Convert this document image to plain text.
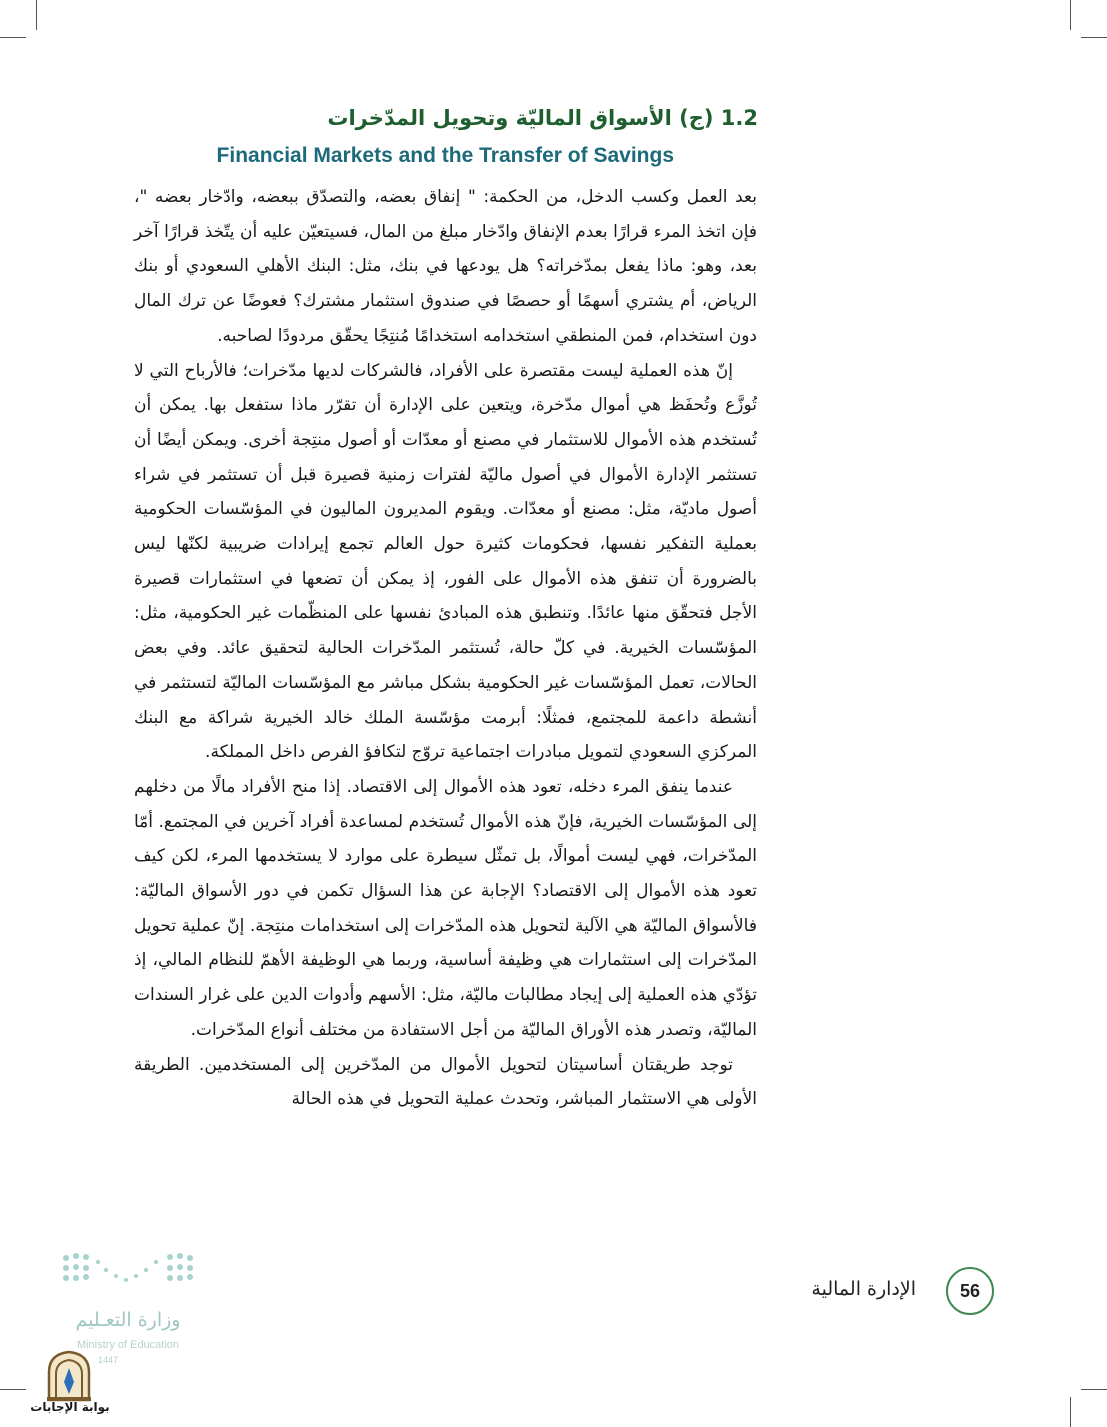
1.2 (ج) الأسواق الماليّة وتحويل المدّخرات
Financial Markets and the Transfer of Savings

بعد العمل وكسب الدخل، من الحكمة: " إنفاق بعضه، والتصدّق ببعضه، وادّخار بعضه "، فإن اتخذ المرء قرارًا بعدم الإنفاق وادّخار مبلغ من المال، فسيتعيّن عليه أن يتّخذ قرارًا آخر بعد، وهو: ماذا يفعل بمدّخراته؟ هل يودعها في بنك، مثل: البنك الأهلي السعودي أو بنك الرياض، أم يشتري أسهمًا أو حصصًا في صندوق استثمار مشترك؟ فعوضًا عن ترك المال دون استخدام، فمن المنطقي استخدامه استخدامًا مُنتِجًا يحقّق مردودًا لصاحبه.

إنّ هذه العملية ليست مقتصرة على الأفراد، فالشركات لديها مدّخرات؛ فالأرباح التي لا تُوزَّع وتُحفَظ هي أموال مدّخرة، ويتعين على الإدارة أن تقرّر ماذا ستفعل بها. يمكن أن تُستخدم هذه الأموال للاستثمار في مصنع أو معدّات أو أصول منتِجة أخرى. ويمكن أيضًا أن تستثمر الإدارة الأموال في أصول ماليّة لفترات زمنية قصيرة قبل أن تستثمر في شراء أصول ماديّة، مثل: مصنع أو معدّات. ويقوم المديرون الماليون في المؤسّسات الحكومية بعملية التفكير نفسها، فحكومات كثيرة حول العالم تجمع إيرادات ضريبية لكنّها ليس بالضرورة أن تنفق هذه الأموال على الفور، إذ يمكن أن تضعها في استثمارات قصيرة الأجل فتحقّق منها عائدًا. وتنطبق هذه المبادئ نفسها على المنظّمات غير الحكومية، مثل: المؤسّسات الخيرية. في كلّ حالة، تُستثمر المدّخرات الحالية لتحقيق عائد. وفي بعض الحالات، تعمل المؤسّسات غير الحكومية بشكل مباشر مع المؤسّسات الماليّة لتستثمر في أنشطة داعمة للمجتمع، فمثلًا: أبرمت مؤسّسة الملك خالد الخيرية شراكة مع البنك المركزي السعودي لتمويل مبادرات اجتماعية تروّج لتكافؤ الفرص داخل المملكة.

عندما ينفق المرء دخله، تعود هذه الأموال إلى الاقتصاد. إذا منح الأفراد مالًا من دخلهم إلى المؤسّسات الخيرية، فإنّ هذه الأموال تُستخدم لمساعدة أفراد آخرين في المجتمع. أمّا المدّخرات، فهي ليست أموالًا، بل تمثّل سيطرة على موارد لا يستخدمها المرء، لكن كيف تعود هذه الأموال إلى الاقتصاد؟ الإجابة عن هذا السؤال تكمن في دور الأسواق الماليّة: فالأسواق الماليّة هي الآلية لتحويل هذه المدّخرات إلى استخدامات منتِجة. إنّ عملية تحويل المدّخرات إلى استثمارات هي وظيفة أساسية، وربما هي الوظيفة الأهمّ للنظام المالي، إذ تؤدّي هذه العملية إلى إيجاد مطالبات ماليّة، مثل: الأسهم وأدوات الدين على غرار السندات الماليّة، وتصدر هذه الأوراق الماليّة من أجل الاستفادة من مختلف أنواع المدّخرات.

توجد طريقتان أساسيتان لتحويل الأموال من المدّخرين إلى المستخدمين. الطريقة الأولى هي الاستثمار المباشر، وتحدث عملية التحويل في هذه الحالة

56
الإدارة المالية
وزارة التعـليم
Ministry of Education
1447
بوابة الإجابات
